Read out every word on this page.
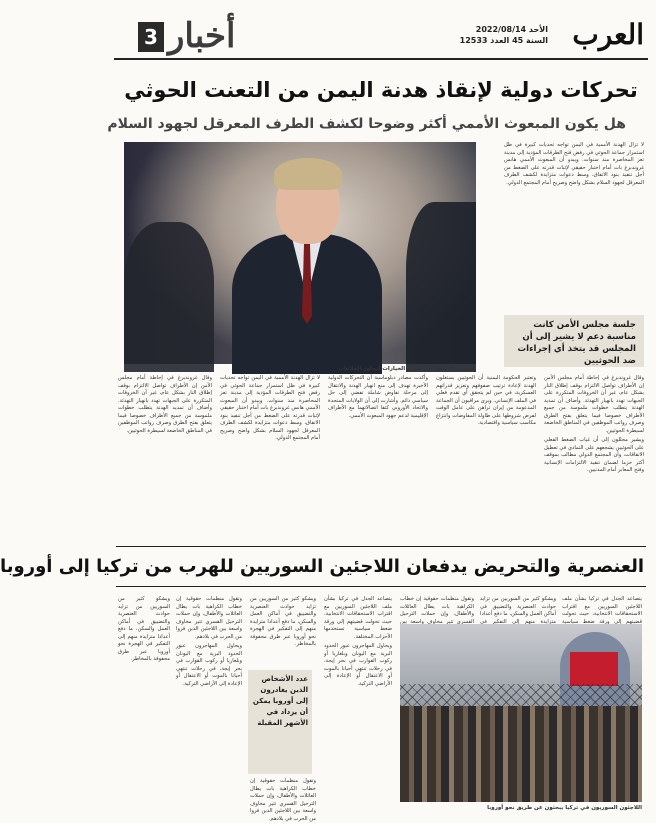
العرب
الأحد 2022/08/14
السنة 45 العدد 12533
أخبار
3
تحركات دولية لإنقاذ هدنة اليمن من التعنت الحوثي
هل يكون المبعوث الأممي أكثر وضوحا لكشف الطرف المعرقل لجهود السلام

لا تزال الهدنة الأممية في اليمن تواجه تحديات كبيرة في ظل استمرار جماعة الحوثي في رفض فتح الطرقات المؤدية إلى مدينة تعز المحاصرة منذ سنوات. ويبدو أن المبعوث الأممي هانس غروندبرغ بات أمام اختبار حقيقي لإثبات قدرته على الضغط من أجل تنفيذ بنود الاتفاق، وسط دعوات متزايدة لكشف الطرف المعرقل لجهود السلام بشكل واضح وصريح أمام المجتمع الدولي.

غروندبرغ: ننظر في جميع الخيارات لتجاوز الخلافات
جلسة مجلس الأمن كانت مناسبة دعم لا يشير إلى أن المجلس قد يتخذ أي إجراءات ضد الحوثيين

وقال غروندبرغ في إحاطة أمام مجلس الأمن إن الأطراف تواصل الالتزام بوقف إطلاق النار بشكل عام، غير أن الخروقات المتكررة على الجبهات تهدد بانهيار التهدئة. وأضاف أن تمديد الهدنة يتطلب خطوات ملموسة من جميع الأطراف خصوصا فيما يتعلق بفتح الطرق وصرف رواتب الموظفين في المناطق الخاضعة لسيطرة الحوثيين.

ويشير محللون إلى أن غياب الضغط الفعلي على الحوثيين يشجعهم على التمادي في تعطيل الاتفاقات، وأن المجتمع الدولي مطالب بموقف أكثر حزما لضمان تنفيذ الالتزامات الإنسانية وفتح المعابر أمام المدنيين.

وتعتبر الحكومة اليمنية أن الحوثيين يستغلون الهدنة لإعادة ترتيب صفوفهم وتعزيز قدراتهم العسكرية، في حين لم يتحقق أي تقدم فعلي في الملف الإنساني. ويرى مراقبون أن الجماعة المدعومة من إيران تراهن على عامل الوقت لفرض شروطها على طاولة المفاوضات وانتزاع مكاسب سياسية واقتصادية.

وأكدت مصادر دبلوماسية أن التحركات الدولية الأخيرة تهدف إلى منع انهيار الهدنة والانتقال إلى مرحلة تفاوض شاملة تفضي إلى حل سياسي دائم. وأشارت إلى أن الولايات المتحدة والاتحاد الأوروبي كثفا اتصالاتهما مع الأطراف الإقليمية لدعم جهود المبعوث الأممي.

لا تزال الهدنة الأممية في اليمن تواجه تحديات كبيرة في ظل استمرار جماعة الحوثي في رفض فتح الطرقات المؤدية إلى مدينة تعز المحاصرة منذ سنوات. ويبدو أن المبعوث الأممي هانس غروندبرغ بات أمام اختبار حقيقي لإثبات قدرته على الضغط من أجل تنفيذ بنود الاتفاق، وسط دعوات متزايدة لكشف الطرف المعرقل لجهود السلام بشكل واضح وصريح أمام المجتمع الدولي.

وقال غروندبرغ في إحاطة أمام مجلس الأمن إن الأطراف تواصل الالتزام بوقف إطلاق النار بشكل عام، غير أن الخروقات المتكررة على الجبهات تهدد بانهيار التهدئة. وأضاف أن تمديد الهدنة يتطلب خطوات ملموسة من جميع الأطراف خصوصا فيما يتعلق بفتح الطرق وصرف رواتب الموظفين في المناطق الخاضعة لسيطرة الحوثيين.

العنصرية والتحريض يدفعان اللاجئين السوريين للهرب من تركيا إلى أوروبا

يتصاعد الجدل في تركيا بشأن ملف اللاجئين السوريين مع اقتراب الاستحقاقات الانتخابية، حيث تحولت قضيتهم إلى ورقة ضغط سياسية

ويشكو كثير من السوريين من تزايد حوادث العنصرية والتضييق في أماكن العمل والسكن، ما دفع أعدادا متزايدة منهم إلى التفكير في

وتقول منظمات حقوقية إن خطاب الكراهية بات يطال العائلات والأطفال، وإن حملات الترحيل القسري تثير مخاوف واسعة بين

اللاجئون السوريون في تركيا يبحثون عن طريق نحو أوروبا

يتصاعد الجدل في تركيا بشأن ملف اللاجئين السوريين مع اقتراب الاستحقاقات الانتخابية، حيث تحولت قضيتهم إلى ورقة ضغط سياسية تستخدمها الأحزاب المختلفة.

ويحاول المهاجرون عبور الحدود البرية مع اليونان وبلغاريا أو ركوب القوارب في بحر إيجة، في رحلات تنتهي أحيانا بالموت أو الاعتقال أو الإعادة إلى الأراضي التركية.

ويشكو كثير من السوريين من تزايد حوادث العنصرية والتضييق في أماكن العمل والسكن، ما دفع أعدادا متزايدة منهم إلى التفكير في الهجرة نحو أوروبا عبر طرق محفوفة بالمخاطر.

عدد الأشخاص الذين يغادرون إلى أوروبا يمكن أن يزداد في الأشهر المقبلة

وتقول منظمات حقوقية إن خطاب الكراهية بات يطال العائلات والأطفال، وإن حملات الترحيل القسري تثير مخاوف واسعة بين اللاجئين الذين فروا من الحرب في بلادهم.

وتقول منظمات حقوقية إن خطاب الكراهية بات يطال العائلات والأطفال، وإن حملات الترحيل القسري تثير مخاوف واسعة بين اللاجئين الذين فروا من الحرب في بلادهم.

ويحاول المهاجرون عبور الحدود البرية مع اليونان وبلغاريا أو ركوب القوارب في بحر إيجة، في رحلات تنتهي أحيانا بالموت أو الاعتقال أو الإعادة إلى الأراضي التركية.

ويشكو كثير من السوريين من تزايد حوادث العنصرية والتضييق في أماكن العمل والسكن، ما دفع أعدادا متزايدة منهم إلى التفكير في الهجرة نحو أوروبا عبر طرق محفوفة بالمخاطر.
